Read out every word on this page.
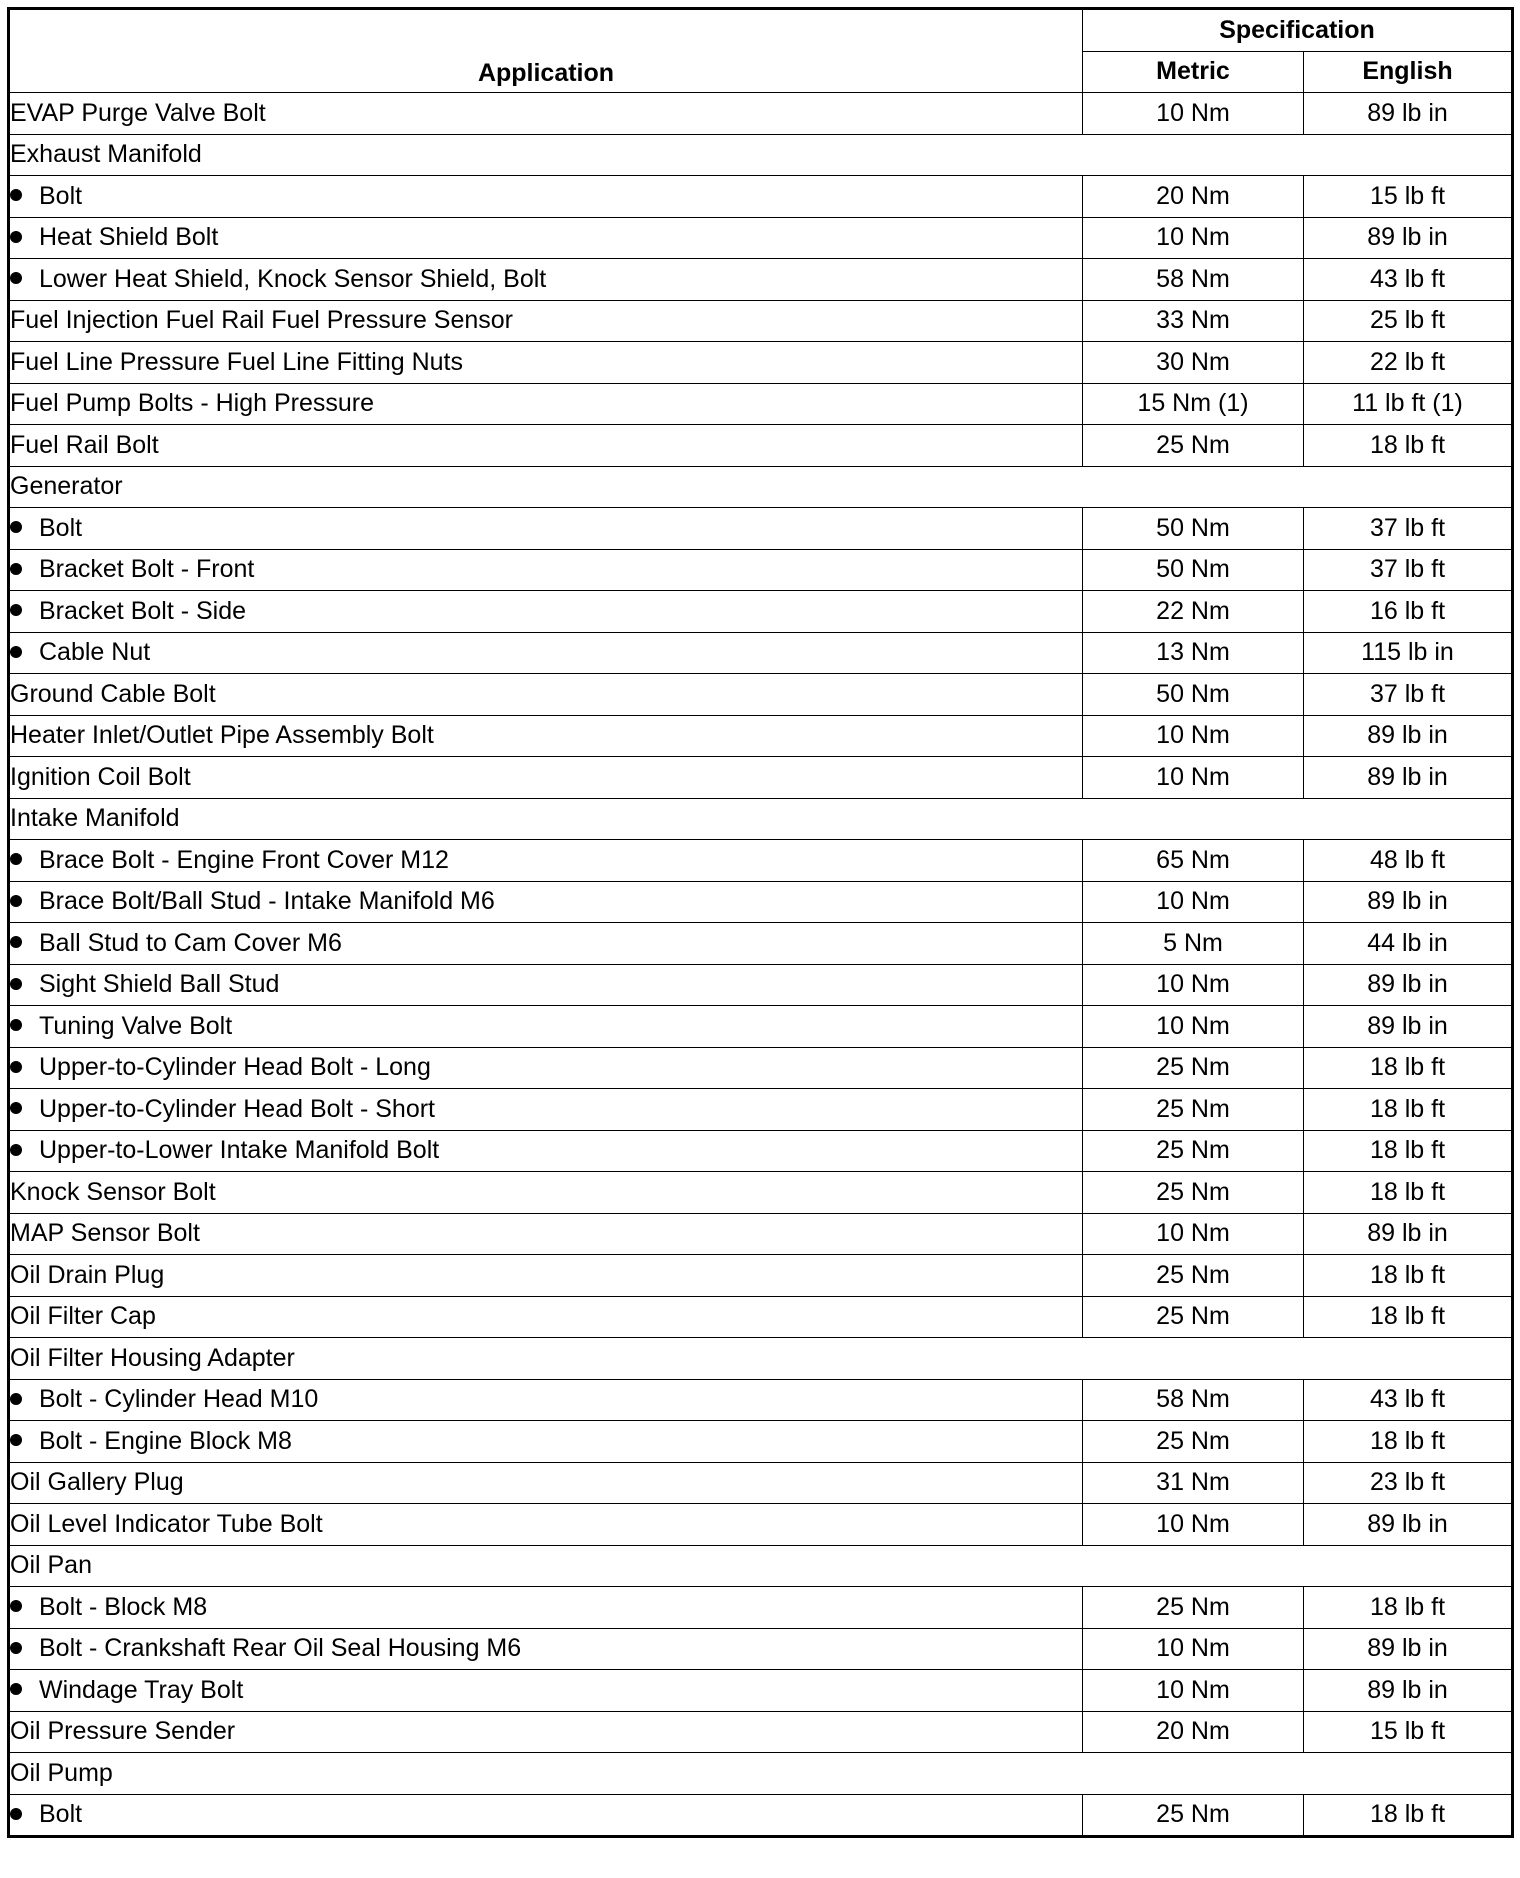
Application	Specification	
	Metric	English
EVAP Purge Valve Bolt	10 Nm	89 lb in
Exhaust Manifold		
Bolt	20 Nm	15 lb ft
Heat Shield Bolt	10 Nm	89 lb in
Lower Heat Shield, Knock Sensor Shield, Bolt	58 Nm	43 lb ft
Fuel Injection Fuel Rail Fuel Pressure Sensor	33 Nm	25 lb ft
Fuel Line Pressure Fuel Line Fitting Nuts	30 Nm	22 lb ft
Fuel Pump Bolts - High Pressure	15 Nm (1)	11 lb ft (1)
Fuel Rail Bolt	25 Nm	18 lb ft
Generator		
Bolt	50 Nm	37 lb ft
Bracket Bolt - Front	50 Nm	37 lb ft
Bracket Bolt - Side	22 Nm	16 lb ft
Cable Nut	13 Nm	115 lb in
Ground Cable Bolt	50 Nm	37 lb ft
Heater Inlet/Outlet Pipe Assembly Bolt	10 Nm	89 lb in
Ignition Coil Bolt	10 Nm	89 lb in
Intake Manifold		
Brace Bolt - Engine Front Cover M12	65 Nm	48 lb ft
Brace Bolt/Ball Stud - Intake Manifold M6	10 Nm	89 lb in
Ball Stud to Cam Cover M6	5 Nm	44 lb in
Sight Shield Ball Stud	10 Nm	89 lb in
Tuning Valve Bolt	10 Nm	89 lb in
Upper-to-Cylinder Head Bolt - Long	25 Nm	18 lb ft
Upper-to-Cylinder Head Bolt - Short	25 Nm	18 lb ft
Upper-to-Lower Intake Manifold Bolt	25 Nm	18 lb ft
Knock Sensor Bolt	25 Nm	18 lb ft
MAP Sensor Bolt	10 Nm	89 lb in
Oil Drain Plug	25 Nm	18 lb ft
Oil Filter Cap	25 Nm	18 lb ft
Oil Filter Housing Adapter		
Bolt - Cylinder Head M10	58 Nm	43 lb ft
Bolt - Engine Block M8	25 Nm	18 lb ft
Oil Gallery Plug	31 Nm	23 lb ft
Oil Level Indicator Tube Bolt	10 Nm	89 lb in
Oil Pan		
Bolt - Block M8	25 Nm	18 lb ft
Bolt - Crankshaft Rear Oil Seal Housing M6	10 Nm	89 lb in
Windage Tray Bolt	10 Nm	89 lb in
Oil Pressure Sender	20 Nm	15 lb ft
Oil Pump		
Bolt	25 Nm	18 lb ft
